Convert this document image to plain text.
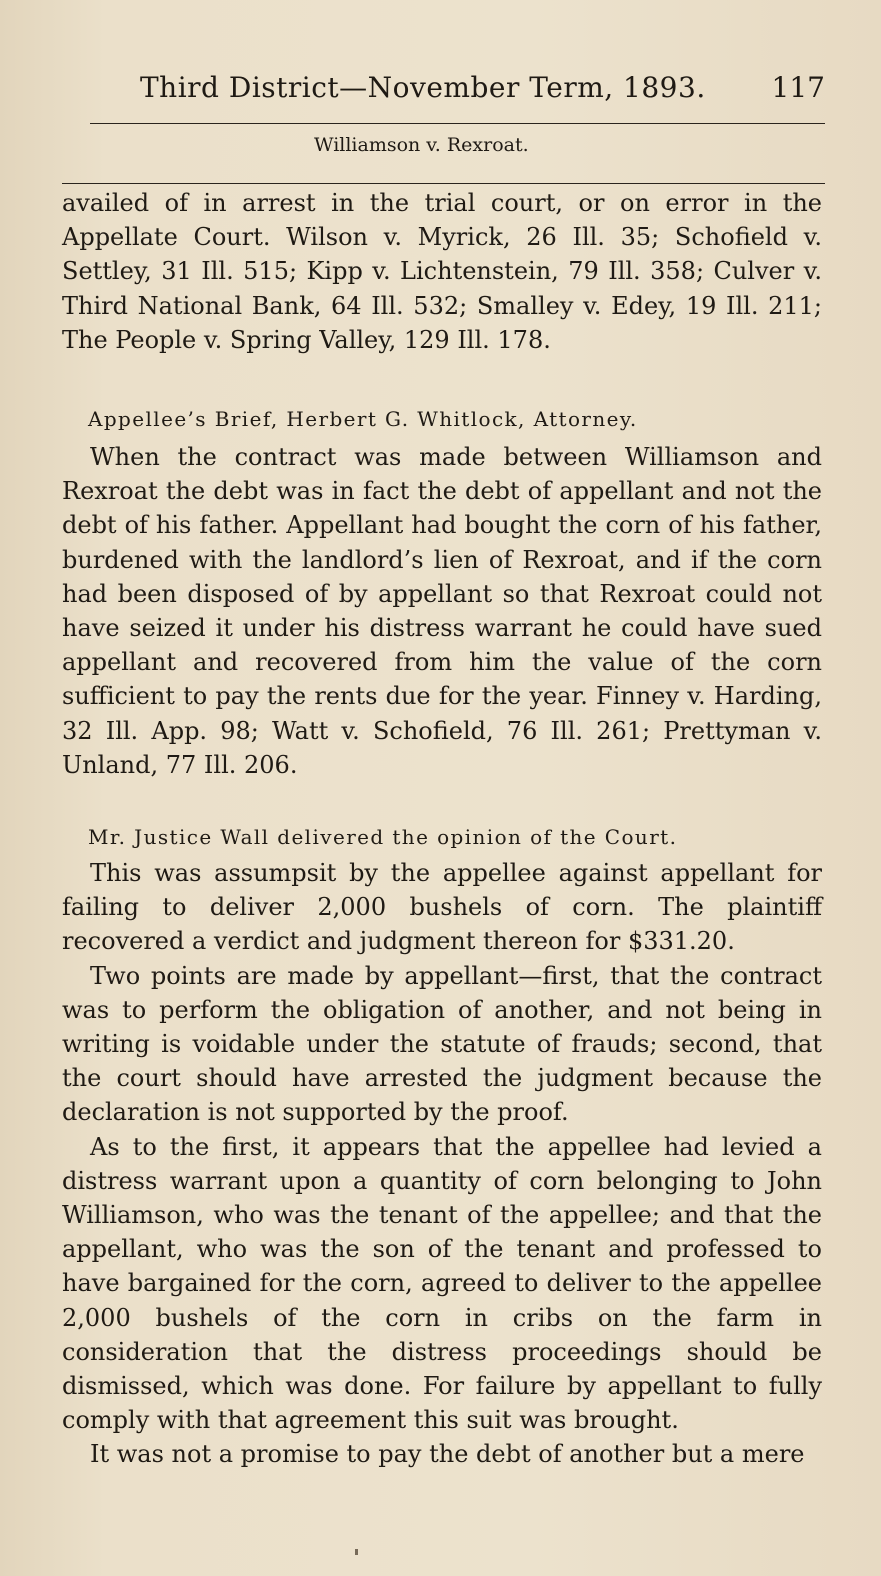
Third District—November Term, 1893.	117
Williamson v. Rexroat.

availed of in arrest in the trial court, or on error in the Appellate Court. Wilson v. Myrick, 26 Ill. 35; Schofield v. Settley, 31 Ill. 515; Kipp v. Lichtenstein, 79 Ill. 358; Culver v. Third National Bank, 64 Ill. 532; Smalley v. Edey, 19 Ill. 211; The People v. Spring Valley, 129 Ill. 178.

Appellee’s Brief, Herbert G. Whitlock, Attorney.

When the contract was made between Williamson and Rexroat the debt was in fact the debt of appellant and not the debt of his father. Appellant had bought the corn of his father, burdened with the landlord’s lien of Rexroat, and if the corn had been disposed of by appellant so that Rexroat could not have seized it under his distress warrant he could have sued appellant and recovered from him the value of the corn sufficient to pay the rents due for the year. Finney v. Harding, 32 Ill. App. 98; Watt v. Schofield, 76 Ill. 261; Prettyman v. Unland, 77 Ill. 206.

Mr. Justice Wall delivered the opinion of the Court.

This was assumpsit by the appellee against appellant for failing to deliver 2,000 bushels of corn. The plaintiff recovered a verdict and judgment thereon for $331.20.

Two points are made by appellant—first, that the contract was to perform the obligation of another, and not being in writing is voidable under the statute of frauds; second, that the court should have arrested the judgment because the declaration is not supported by the proof.

As to the first, it appears that the appellee had levied a distress warrant upon a quantity of corn belonging to John Williamson, who was the tenant of the appellee; and that the appellant, who was the son of the tenant and professed to have bargained for the corn, agreed to deliver to the appellee 2,000 bushels of the corn in cribs on the farm in consideration that the distress proceedings should be dismissed, which was done. For failure by appellant to fully comply with that agreement this suit was brought.

It was not a promise to pay the debt of another but a mere
